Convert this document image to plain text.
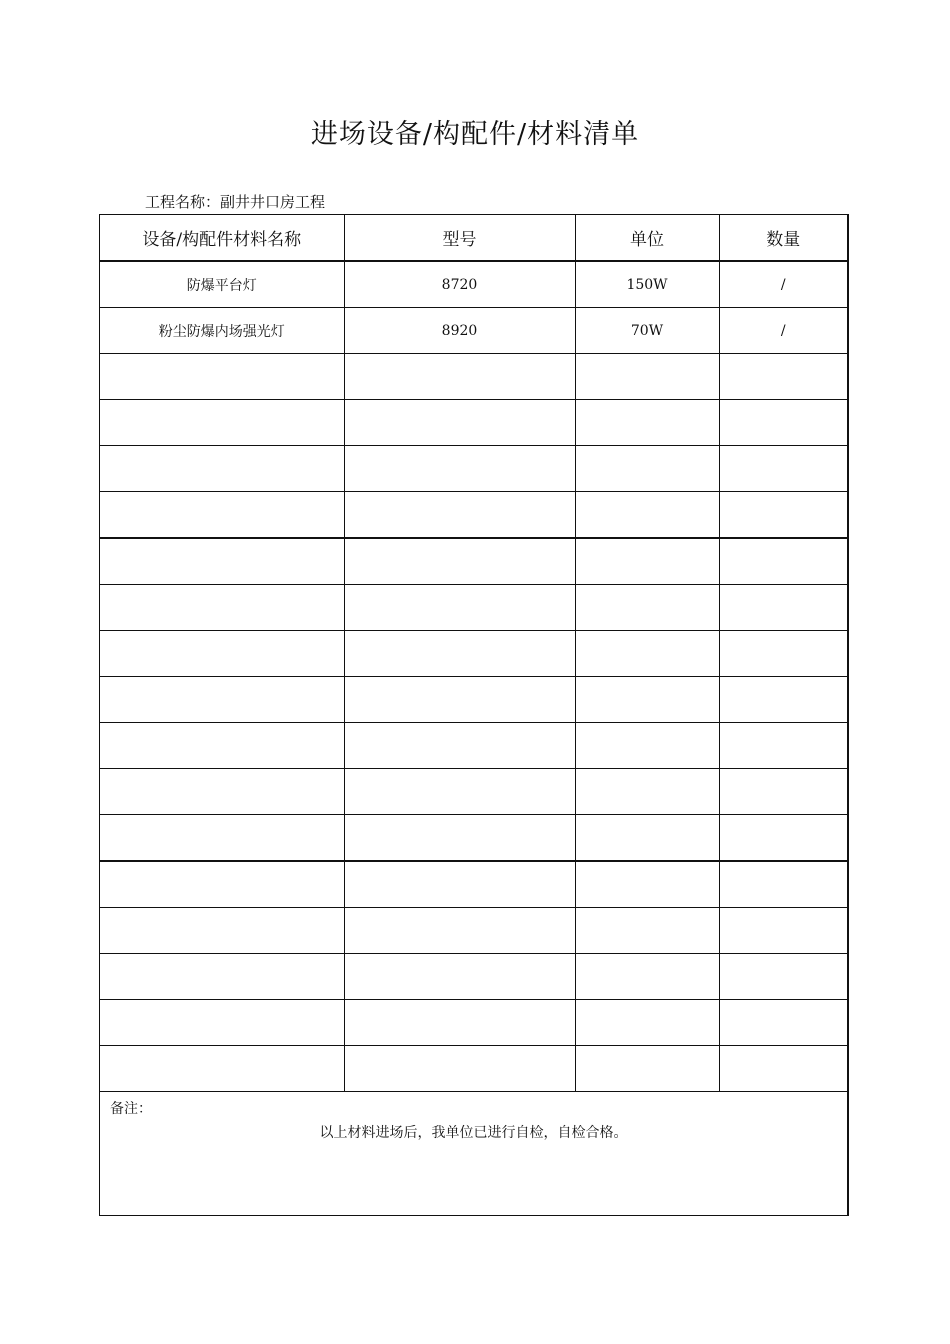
进场设备/构配件/材料清单
工程名称：副井井口房工程
设备/构配件材料名称	型号	单位	数量
防爆平台灯	8720	150W	/
粉尘防爆内场强光灯	8920	70W	/

备注：
以上材料进场后，我单位已进行自检，自检合格。
